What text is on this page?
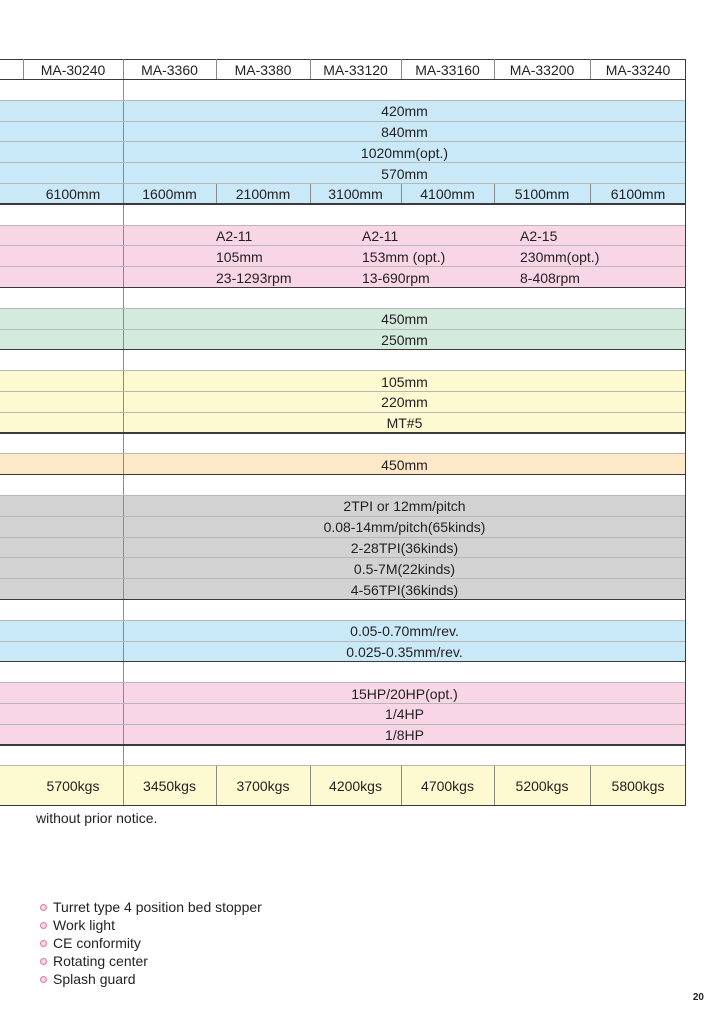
MA-30240	MA-3360	MA-3380	MA-33120	MA-33160	MA-33200	MA-33240
420mm
840mm
1020mm(opt.)
570mm
6100mm	1600mm	2100mm	3100mm	4100mm	5100mm	6100mm
A2-11	A2-11	A2-15
105mm	153mm (opt.)	230mm(opt.)
23-1293rpm	13-690rpm	8-408rpm
450mm
250mm
105mm
220mm
MT#5
450mm
2TPI or 12mm/pitch
0.08-14mm/pitch(65kinds)
2-28TPI(36kinds)
0.5-7M(22kinds)
4-56TPI(36kinds)
0.05-0.70mm/rev.
0.025-0.35mm/rev.
15HP/20HP(opt.)
1/4HP
1/8HP
5700kgs	3450kgs	3700kgs	4200kgs	4700kgs	5200kgs	5800kgs
without prior notice.
Turret type 4 position bed stopper
Work light
CE conformity
Rotating center
Splash guard
20
